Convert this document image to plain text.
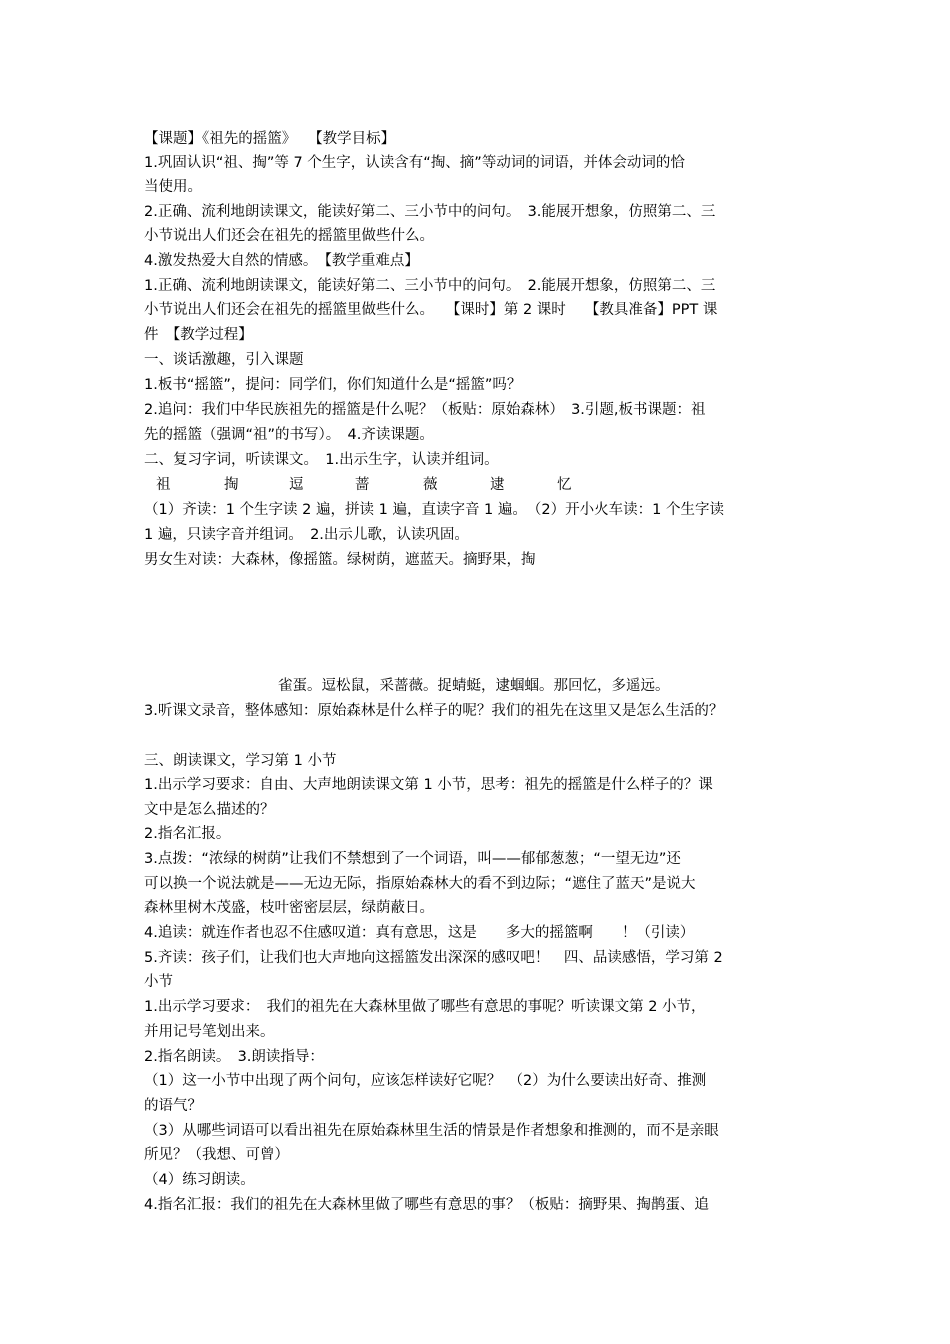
【课题】《祖先的摇篮》　 【教学目标】
1.巩固认识“祖、掏”等 7 个生字，认读含有“掏、摘”等动词的词语，并体会动词的恰
当使用。
2.正确、流利地朗读课文，能读好第二、三小节中的问句。　3.能展开想象，仿照第二、三
小节说出人们还会在祖先的摇篮里做些什么。
4.激发热爱大自然的情感。　【教学重难点】
1.正确、流利地朗读课文，能读好第二、三小节中的问句。　2.能展开想象，仿照第二、三
小节说出人们还会在祖先的摇篮里做些什么。　 【课时】第 2 课时　 【教具准备】PPT 课
件　【教学过程】
一、谈话激趣，引入课题
1.板书“摇篮”，提问：同学们，你们知道什么是“摇篮”吗？
2.追问：我们中华民族祖先的摇篮是什么呢？（板贴：原始森林）　3.引题,板书课题：祖
先的摇篮（强调“祖”的书写）。　4.齐读课题。
二、复习字词，听读课文。　1.出示生字，认读并组词。
祖	掏	逗	蔷	薇	逮	忆
（1）齐读：1 个生字读 2 遍，拼读 1 遍，直读字音 1 遍。　（2）开小火车读：1 个生字读
1 遍，只读字音并组词。　2.出示儿歌，认读巩固。
男女生对读：大森林，像摇篮。绿树荫，遮蓝天。摘野果，掏
雀蛋。逗松鼠，采蔷薇。捉蜻蜓，逮蝈蝈。那回忆，多遥远。
3.听课文录音，整体感知：原始森林是什么样子的呢？我们的祖先在这里又是怎么生活的？
三、朗读课文，学习第 1 小节
1.出示学习要求：自由、大声地朗读课文第 1 小节，思考：祖先的摇篮是什么样子的？课
文中是怎么描述的？
2.指名汇报。
3.点拨：“浓绿的树荫”让我们不禁想到了一个词语，叫——郁郁葱葱；“一望无边”还
可以换一个说法就是——无边无际，指原始森林大的看不到边际；“遮住了蓝天”是说大
森林里树木茂盛，枝叶密密层层，绿荫蔽日。
4.追读：就连作者也忍不住感叹道：真有意思，这是　　多大的摇篮啊　　！（引读）
5.齐读：孩子们，让我们也大声地向这摇篮发出深深的感叹吧！　四、品读感悟，学习第 2
小节
1.出示学习要求：　我们的祖先在大森林里做了哪些有意思的事呢？听读课文第 2 小节，
并用记号笔划出来。
2.指名朗读。　3.朗读指导：
（1）这一小节中出现了两个问句，应该怎样读好它呢？　（2）为什么要读出好奇、推测
的语气？
（3）从哪些词语可以看出祖先在原始森林里生活的情景是作者想象和推测的，而不是亲眼
所见？（我想、可曾）
（4）练习朗读。
4.指名汇报：我们的祖先在大森林里做了哪些有意思的事？（板贴：摘野果、掏鹊蛋、追
